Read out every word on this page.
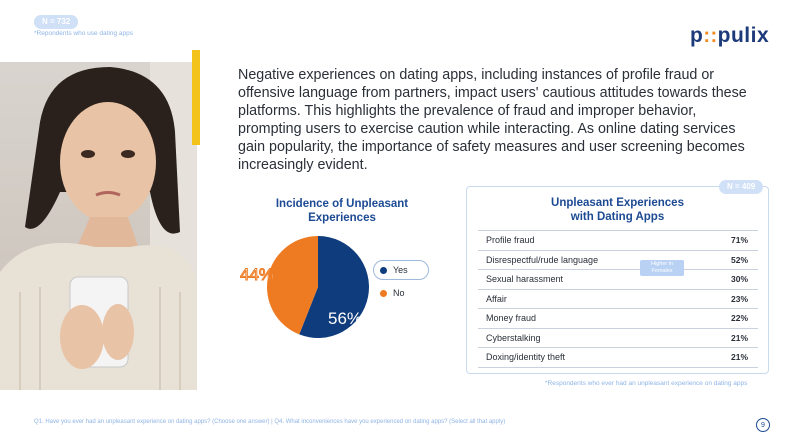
N = 732
*Repondents who use dating apps	p::pulix
Negative experiences on dating apps, including instances of profile fraud or offensive language from partners, impact users' cautious attitudes towards these platforms. This highlights the prevalence of fraud and improper behavior, prompting users to exercise caution while interacting. As online dating services gain popularity, the importance of safety measures and user screening becomes increasingly evident.
Incidence of Unpleasant
Experiences
56%
44%	Yes
No
N = 409
Unpleasant Experiences
with Dating Apps
Profile fraud	71%
Disrespectful/rude language	52%
Sexual harassment	30%
Affair	23%
Money fraud	22%
Cyberstalking	21%
Doxing/identity theft	21%
Higher in Females
*Respondents who ever had an unpleasant experience on dating apps
Q1. Have you ever had an unpleasant experience on dating apps? (Choose one answer) | Q4. What inconveniences have you experienced on dating apps? (Select all that apply)	9
